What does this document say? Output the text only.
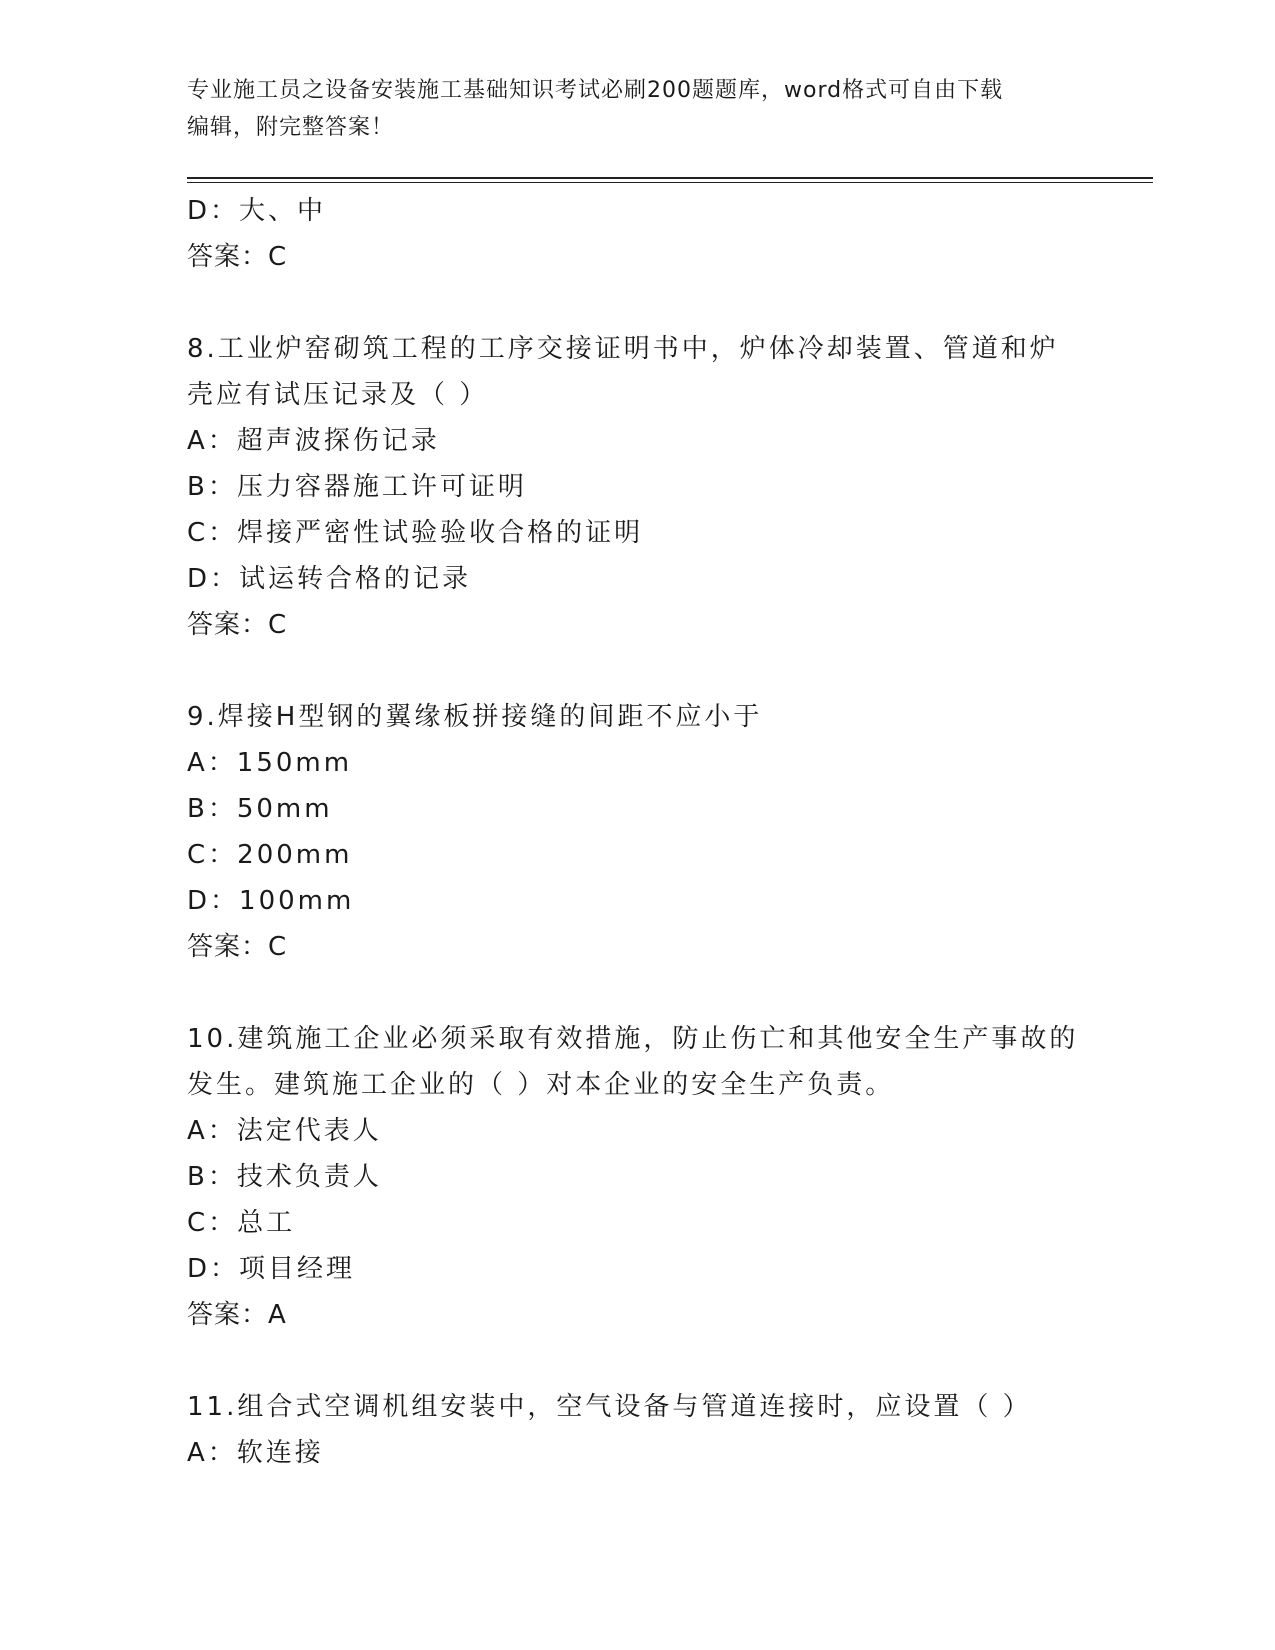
专业施工员之设备安装施工基础知识考试必刷200题题库，word格式可自由下载
编辑，附完整答案！

D：大、中

答案：C

8.工业炉窑砌筑工程的工序交接证明书中，炉体冷却装置、管道和炉

壳应有试压记录及（ ）

A：超声波探伤记录

B：压力容器施工许可证明

C：焊接严密性试验验收合格的证明

D：试运转合格的记录

答案：C

9.焊接H型钢的翼缘板拼接缝的间距不应小于

A：150mm

B：50mm

C：200mm

D：100mm

答案：C

10.建筑施工企业必须采取有效措施，防止伤亡和其他安全生产事故的

发生。建筑施工企业的（ ）对本企业的安全生产负责。

A：法定代表人

B：技术负责人

C：总工

D：项目经理

答案：A

11.组合式空调机组安装中，空气设备与管道连接时，应设置（ ）

A：软连接
